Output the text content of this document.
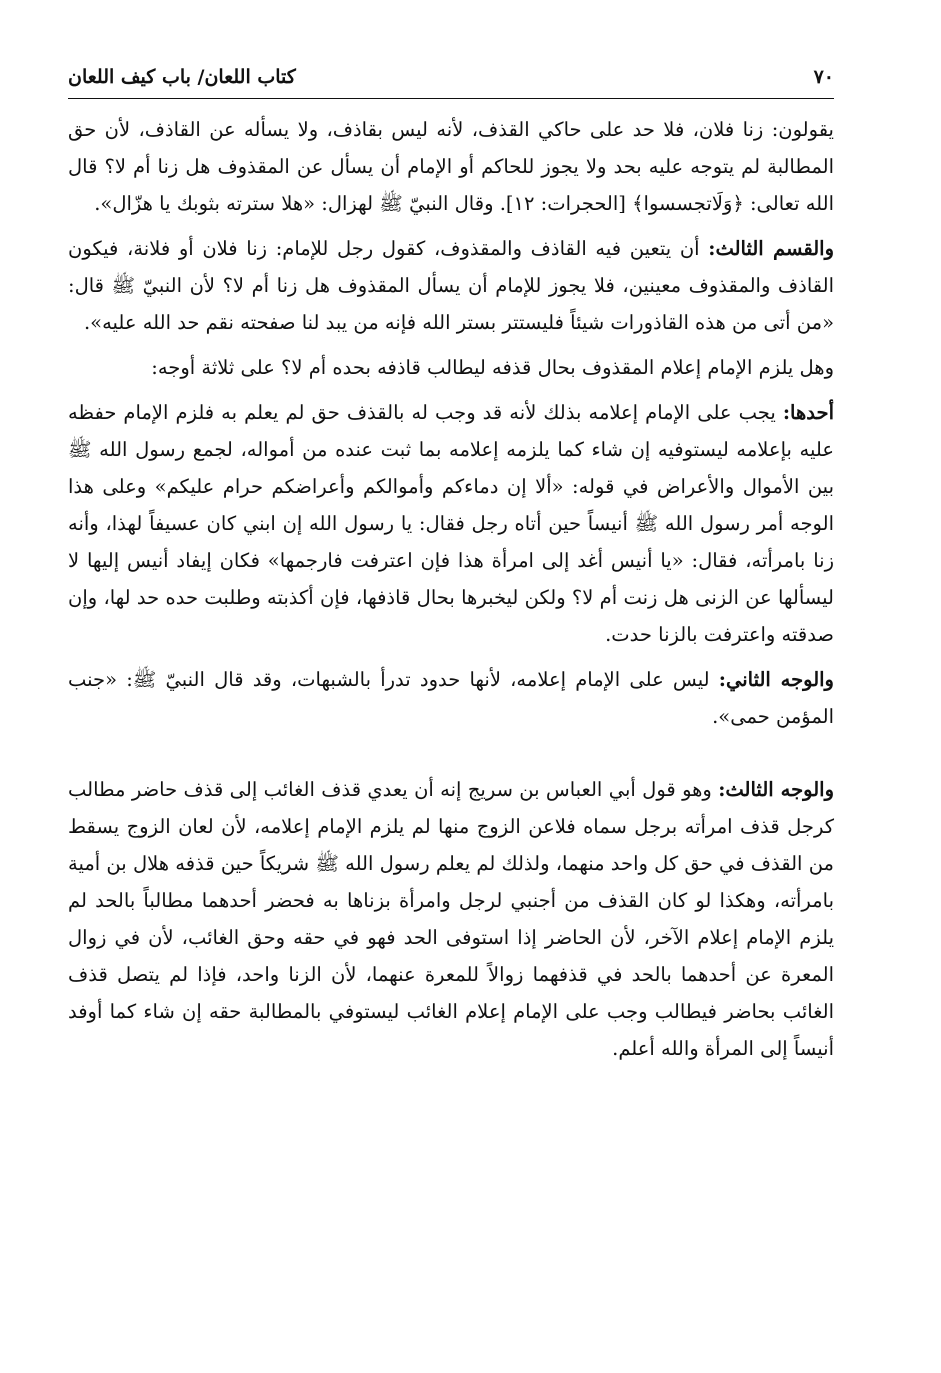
٧٠
كتاب اللعان/ باب كيف اللعان

يقولون: زنا فلان، فلا حد على حاكي القذف، لأنه ليس بقاذف، ولا يسأله عن القاذف، لأن حق المطالبة لم يتوجه عليه بحد ولا يجوز للحاكم أو الإمام أن يسأل عن المقذوف هل زنا أم لا؟ قال الله تعالى: ﴿وَلَاتجسسوا﴾ [الحجرات: ١٢]. وقال النبيّ ﷺ لهزال: «هلا سترته بثوبك يا هزّال».

والقسم الثالث: أن يتعين فيه القاذف والمقذوف، كقول رجل للإمام: زنا فلان أو فلانة، فيكون القاذف والمقذوف معينين، فلا يجوز للإمام أن يسأل المقذوف هل زنا أم لا؟ لأن النبيّ ﷺ قال: «من أتى من هذه القاذورات شيئاً فليستتر بستر الله فإنه من يبد لنا صفحته نقم حد الله عليه».

وهل يلزم الإمام إعلام المقذوف بحال قذفه ليطالب قاذفه بحده أم لا؟ على ثلاثة أوجه:

أحدها: يجب على الإمام إعلامه بذلك لأنه قد وجب له بالقذف حق لم يعلم به فلزم الإمام حفظه عليه بإعلامه ليستوفيه إن شاء كما يلزمه إعلامه بما ثبت عنده من أمواله، لجمع رسول الله ﷺ بين الأموال والأعراض في قوله: «ألا إن دماءكم وأموالكم وأعراضكم حرام عليكم» وعلى هذا الوجه أمر رسول الله ﷺ أنيساً حين أتاه رجل فقال: يا رسول الله إن ابني كان عسيفاً لهذا، وأنه زنا بامرأته، فقال: «يا أنيس أغد إلى امرأة هذا فإن اعترفت فارجمها» فكان إيفاد أنيس إليها لا ليسألها عن الزنى هل زنت أم لا؟ ولكن ليخبرها بحال قاذفها، فإن أكذبته وطلبت حده حد لها، وإن صدقته واعترفت بالزنا حدت.

والوجه الثاني: ليس على الإمام إعلامه، لأنها حدود تدرأ بالشبهات، وقد قال النبيّ ﷺ: «جنب المؤمن حمى».

والوجه الثالث: وهو قول أبي العباس بن سريج إنه أن يعدي قذف الغائب إلى قذف حاضر مطالب كرجل قذف امرأته برجل سماه فلاعن الزوج منها لم يلزم الإمام إعلامه، لأن لعان الزوج يسقط من القذف في حق كل واحد منهما، ولذلك لم يعلم رسول الله ﷺ شريكاً حين قذفه هلال بن أمية بامرأته، وهكذا لو كان القذف من أجنبي لرجل وامرأة بزناها به فحضر أحدهما مطالباً بالحد لم يلزم الإمام إعلام الآخر، لأن الحاضر إذا استوفى الحد فهو في حقه وحق الغائب، لأن في زوال المعرة عن أحدهما بالحد في قذفهما زوالاً للمعرة عنهما، لأن الزنا واحد، فإذا لم يتصل قذف الغائب بحاضر فيطالب وجب على الإمام إعلام الغائب ليستوفي بالمطالبة حقه إن شاء كما أوفد أنيساً إلى المرأة والله أعلم.
